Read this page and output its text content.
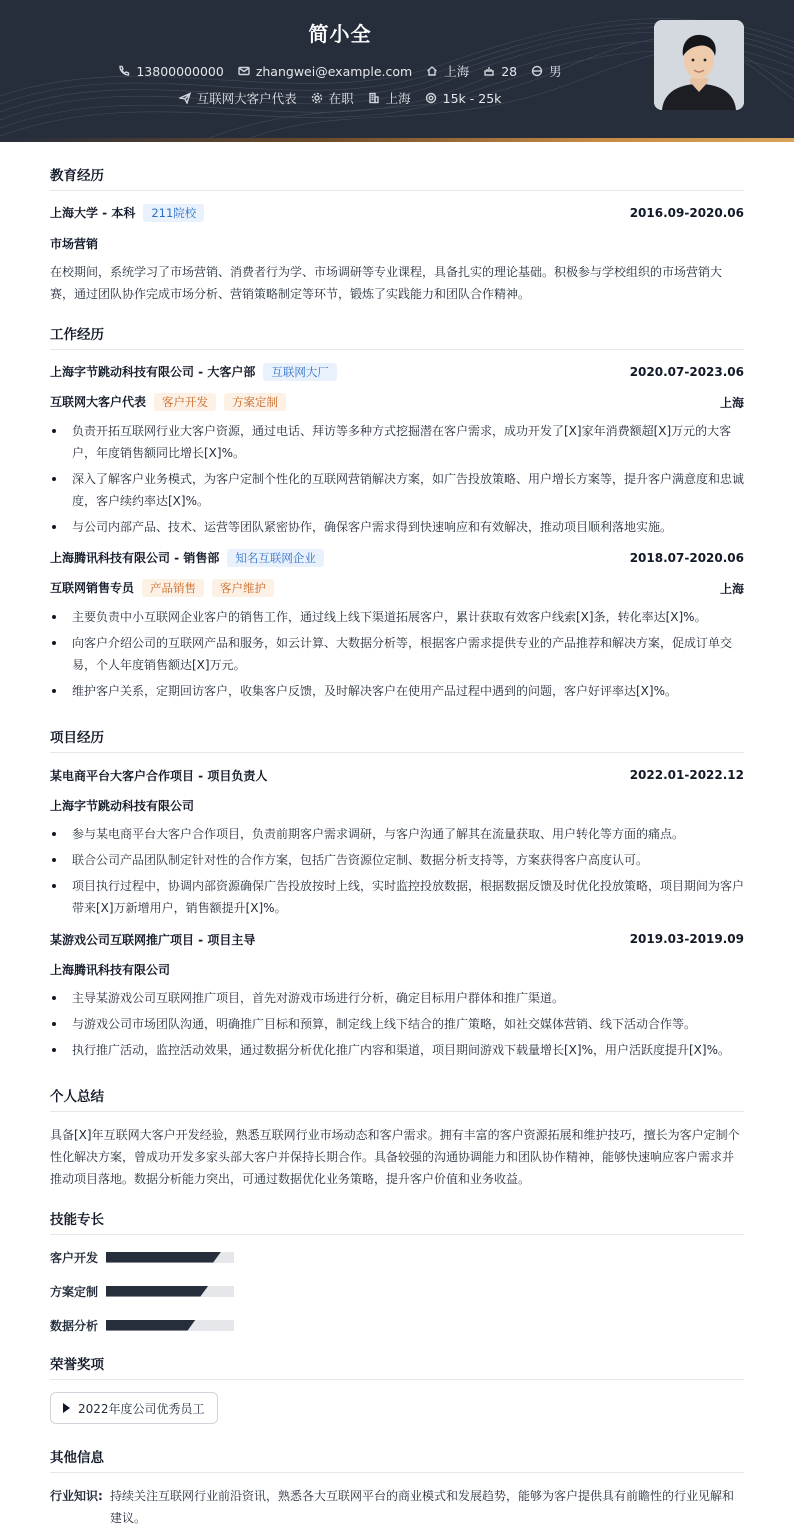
简小全
13800000000	zhangwei@example.com	上海	28	男
互联网大客户代表	在职	上海	15k - 25k
教育经历
上海大学 - 本科 211院校	2016.09-2020.06
市场营销

在校期间，系统学习了市场营销、消费者行为学、市场调研等专业课程，具备扎实的理论基础。积极参与学校组织的市场营销大赛，通过团队协作完成市场分析、营销策略制定等环节，锻炼了实践能力和团队合作精神。

工作经历
上海字节跳动科技有限公司 - 大客户部 互联网大厂	2020.07-2023.06
互联网大客户代表 客户开发 方案定制	上海
负责开拓互联网行业大客户资源，通过电话、拜访等多种方式挖掘潜在客户需求，成功开发了[X]家年消费额超[X]万元的大客户，年度销售额同比增长[X]%。
深入了解客户业务模式，为客户定制个性化的互联网营销解决方案，如广告投放策略、用户增长方案等，提升客户满意度和忠诚度，客户续约率达[X]%。
与公司内部产品、技术、运营等团队紧密协作，确保客户需求得到快速响应和有效解决，推动项目顺利落地实施。
上海腾讯科技有限公司 - 销售部 知名互联网企业	2018.07-2020.06
互联网销售专员 产品销售 客户维护	上海
主要负责中小互联网企业客户的销售工作，通过线上线下渠道拓展客户，累计获取有效客户线索[X]条，转化率达[X]%。
向客户介绍公司的互联网产品和服务，如云计算、大数据分析等，根据客户需求提供专业的产品推荐和解决方案，促成订单交易，个人年度销售额达[X]万元。
维护客户关系，定期回访客户，收集客户反馈，及时解决客户在使用产品过程中遇到的问题，客户好评率达[X]%。
项目经历
某电商平台大客户合作项目 - 项目负责人	2022.01-2022.12
上海字节跳动科技有限公司
参与某电商平台大客户合作项目，负责前期客户需求调研，与客户沟通了解其在流量获取、用户转化等方面的痛点。
联合公司产品团队制定针对性的合作方案，包括广告资源位定制、数据分析支持等，方案获得客户高度认可。
项目执行过程中，协调内部资源确保广告投放按时上线，实时监控投放数据，根据数据反馈及时优化投放策略，项目期间为客户带来[X]万新增用户，销售额提升[X]%。
某游戏公司互联网推广项目 - 项目主导	2019.03-2019.09
上海腾讯科技有限公司
主导某游戏公司互联网推广项目，首先对游戏市场进行分析，确定目标用户群体和推广渠道。
与游戏公司市场团队沟通，明确推广目标和预算，制定线上线下结合的推广策略，如社交媒体营销、线下活动合作等。
执行推广活动，监控活动效果，通过数据分析优化推广内容和渠道，项目期间游戏下载量增长[X]%，用户活跃度提升[X]%。
个人总结

具备[X]年互联网大客户开发经验，熟悉互联网行业市场动态和客户需求。拥有丰富的客户资源拓展和维护技巧，擅长为客户定制个性化解决方案，曾成功开发多家头部大客户并保持长期合作。具备较强的沟通协调能力和团队协作精神，能够快速响应客户需求并推动项目落地。数据分析能力突出，可通过数据优化业务策略，提升客户价值和业务收益。

技能专长
客户开发
方案定制
数据分析
荣誉奖项
2022年度公司优秀员工
其他信息
行业知识: 持续关注互联网行业前沿资讯，熟悉各大互联网平台的商业模式和发展趋势，能够为客户提供具有前瞻性的行业见解和建议。
